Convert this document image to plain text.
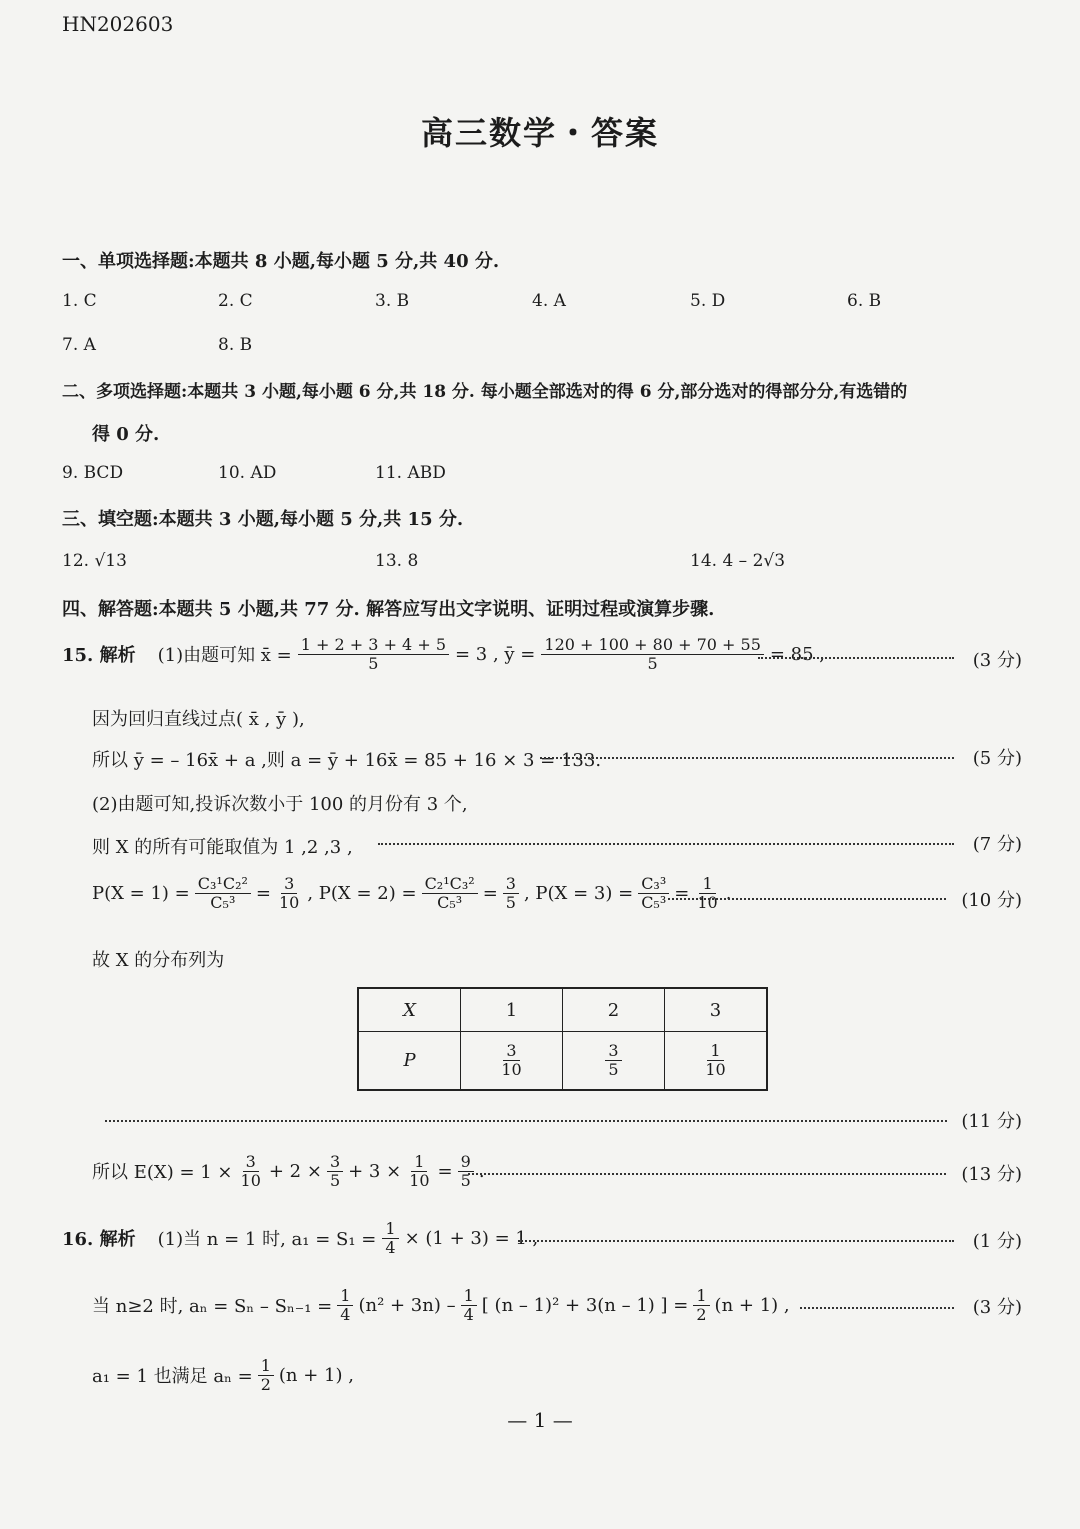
HN202603
高三数学・答案
一、单项选择题:本题共 8 小题,每小题 5 分,共 40 分.
1. C	2. C	3. B	4. A	5. D	6. B
7. A	8. B
二、多项选择题:本题共 3 小题,每小题 6 分,共 18 分. 每小题全部选对的得 6 分,部分选对的得部分分,有选错的
得 0 分.
9. BCD	10. AD	11. ABD
三、填空题:本题共 3 小题,每小题 5 分,共 15 分.
12. √13	13. 8	14. 4 – 2√3
四、解答题:本题共 5 小题,共 77 分. 解答应写出文字说明、证明过程或演算步骤.
15. 解析 (1)由题可知 x̄ = $\frac{1 + 2 + 3 + 4 + 5}{5} = 3$ , ȳ = $\frac{120 + 100 + 80 + 70 + 55}{5} = 85$ ,	(3 分)
因为回归直线过点( x̄ , ȳ ),
所以 ȳ = – 16x̄ + a ,则 a = ȳ + 16x̄ = 85 + 16 × 3 = 133.	(5 分)
(2)由题可知,投诉次数小于 100 的月份有 3 个,
则 X 的所有可能取值为 1 ,2 ,3 ,	(7 分)
$P(X = 1) = \frac{\text{C₃¹C₂²}}{\text{C₅³}} = \frac{3}{10}$ , $P(X = 2) = \frac{\text{C₂¹C₃²}}{\text{C₅³}} = \frac{3}{5}$ , $P(X = 3) = \frac{\text{C₃³}}{\text{C₅³}} = \frac{1}{10}$ .	(10 分)
故 X 的分布列为
X	1	2	3
P	$\frac{3}{10}$	$\frac{3}{5}$	$\frac{1}{10}$
(11 分)
所以 $E(X) = 1 \times \frac{3}{10} + 2 \times \frac{3}{5} + 3 \times \frac{1}{10} = \frac{9}{5}$ .	(13 分)
16. 解析 (1)当 n = 1 时, $a_1 = S_1 = \frac{1}{4} \times (1 + 3) = 1$ ,	(1 分)
当 n≥2 时, $a_n = S_n - S_{n-1} = \frac{1}{4} (n^2 + 3n) - \frac{1}{4}$ [ (n – 1)² + 3(n – 1) ] = $\frac{1}{2} (n + 1)$ ,	(3 分)
a₁ = 1 也满足 $a_n = \frac{1}{2} (n + 1)$ ,
— 1 —
